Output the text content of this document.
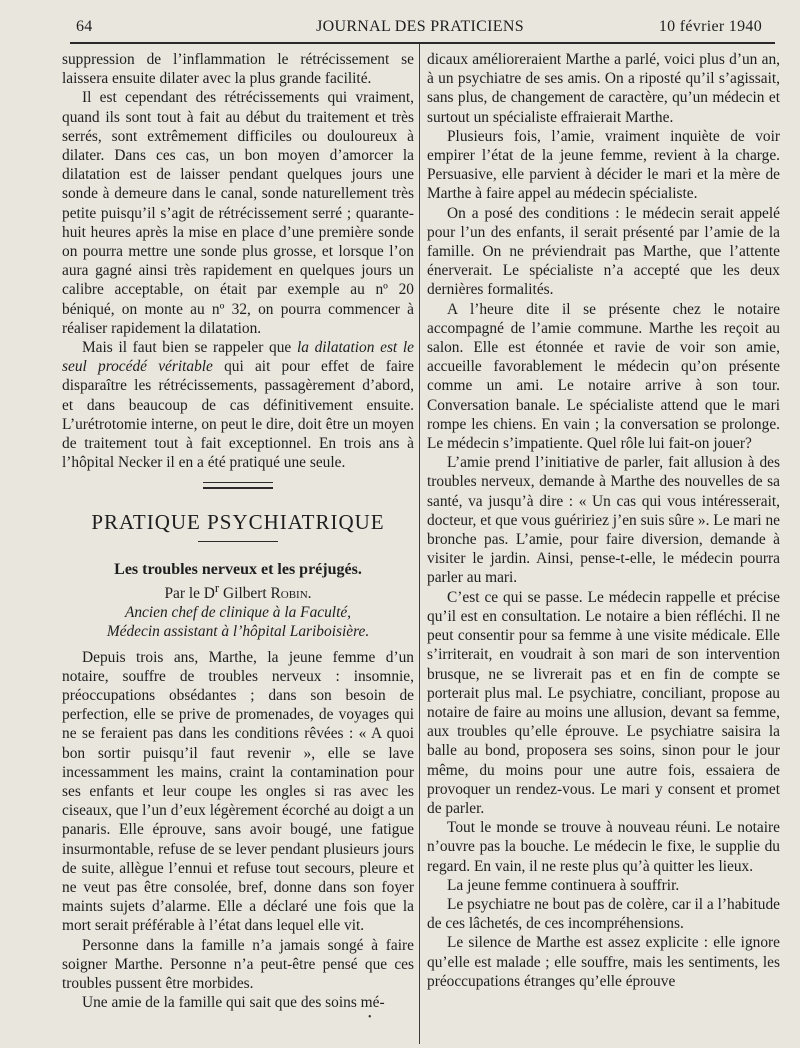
64	JOURNAL DES PRATICIENS	10 février 1940

suppression de l’inflammation le rétrécissement se laissera ensuite dilater avec la plus grande facilité.

Il est cependant des rétrécissements qui vraiment, quand ils sont tout à fait au début du traitement et très serrés, sont extrêmement difficiles ou douloureux à dilater. Dans ces cas, un bon moyen d’amorcer la dilatation est de laisser pendant quelques jours une sonde à demeure dans le canal, sonde naturellement très petite puisqu’il s’agit de rétrécissement serré ; quarante-huit heures après la mise en place d’une première sonde on pourra mettre une sonde plus grosse, et lorsque l’on aura gagné ainsi très rapidement en quelques jours un calibre acceptable, on était par exemple au nº 20 béniqué, on monte au nº 32, on pourra commencer à réaliser rapidement la dilatation.

Mais il faut bien se rappeler que la dilatation est le seul procédé véritable qui ait pour effet de faire disparaître les rétrécissements, passagèrement d’abord, et dans beaucoup de cas définitivement ensuite. L’urétrotomie interne, on peut le dire, doit être un moyen de traitement tout à fait exceptionnel. En trois ans à l’hôpital Necker il en a été pratiqué une seule.

PRATIQUE PSYCHIATRIQUE
Les troubles nerveux et les préjugés.

Par le $D^r$ Gilbert Robin.

Ancien chef de clinique à la Faculté,

Médecin assistant à l’hôpital Lariboisière.

Depuis trois ans, Marthe, la jeune femme d’un notaire, souffre de troubles nerveux : insomnie, préoccupations obsédantes ; dans son besoin de perfection, elle se prive de promenades, de voyages qui ne se feraient pas dans les conditions rêvées : « A quoi bon sortir puisqu’il faut revenir », elle se lave incessamment les mains, craint la contamination pour ses enfants et leur coupe les ongles si ras avec les ciseaux, que l’un d’eux légèrement écorché au doigt a un panaris. Elle éprouve, sans avoir bougé, une fatigue insurmontable, refuse de se lever pendant plusieurs jours de suite, allègue l’ennui et refuse tout secours, pleure et ne veut pas être consolée, bref, donne dans son foyer maints sujets d’alarme. Elle a déclaré une fois que la mort serait préférable à l’état dans lequel elle vit.

Personne dans la famille n’a jamais songé à faire soigner Marthe. Personne n’a peut-être pensé que ces troubles pussent être morbides.

Une amie de la famille qui sait que des soins mé-

dicaux amélioreraient Marthe a parlé, voici plus d’un an, à un psychiatre de ses amis. On a riposté qu’il s’agissait, sans plus, de changement de caractère, qu’un médecin et surtout un spécialiste effraierait Marthe.

Plusieurs fois, l’amie, vraiment inquiète de voir empirer l’état de la jeune femme, revient à la charge. Persuasive, elle parvient à décider le mari et la mère de Marthe à faire appel au médecin spécialiste.

On a posé des conditions : le médecin serait appelé pour l’un des enfants, il serait présenté par l’amie de la famille. On ne préviendrait pas Marthe, que l’attente énerverait. Le spécialiste n’a accepté que les deux dernières formalités.

A l’heure dite il se présente chez le notaire accompagné de l’amie commune. Marthe les reçoit au salon. Elle est étonnée et ravie de voir son amie, accueille favorablement le médecin qu’on présente comme un ami. Le notaire arrive à son tour. Conversation banale. Le spécialiste attend que le mari rompe les chiens. En vain ; la conversation se prolonge. Le médecin s’impatiente. Quel rôle lui fait-on jouer?

L’amie prend l’initiative de parler, fait allusion à des troubles nerveux, demande à Marthe des nouvelles de sa santé, va jusqu’à dire : « Un cas qui vous intéresserait, docteur, et que vous guéririez j’en suis sûre ». Le mari ne bronche pas. L’amie, pour faire diversion, demande à visiter le jardin. Ainsi, pense-t-elle, le médecin pourra parler au mari.

C’est ce qui se passe. Le médecin rappelle et précise qu’il est en consultation. Le notaire a bien réfléchi. Il ne peut consentir pour sa femme à une visite médicale. Elle s’irriterait, en voudrait à son mari de son intervention brusque, ne se livrerait pas et en fin de compte se porterait plus mal. Le psychiatre, conciliant, propose au notaire de faire au moins une allusion, devant sa femme, aux troubles qu’elle éprouve. Le psychiatre saisira la balle au bond, proposera ses soins, sinon pour le jour même, du moins pour une autre fois, essaiera de provoquer un rendez-vous. Le mari y consent et promet de parler.

Tout le monde se trouve à nouveau réuni. Le notaire n’ouvre pas la bouche. Le médecin le fixe, le supplie du regard. En vain, il ne reste plus qu’à quitter les lieux.

La jeune femme continuera à souffrir.

Le psychiatre ne bout pas de colère, car il a l’habitude de ces lâchetés, de ces incompréhensions.

Le silence de Marthe est assez explicite : elle ignore qu’elle est malade ; elle souffre, mais les sentiments, les préoccupations étranges qu’elle éprouve

•
